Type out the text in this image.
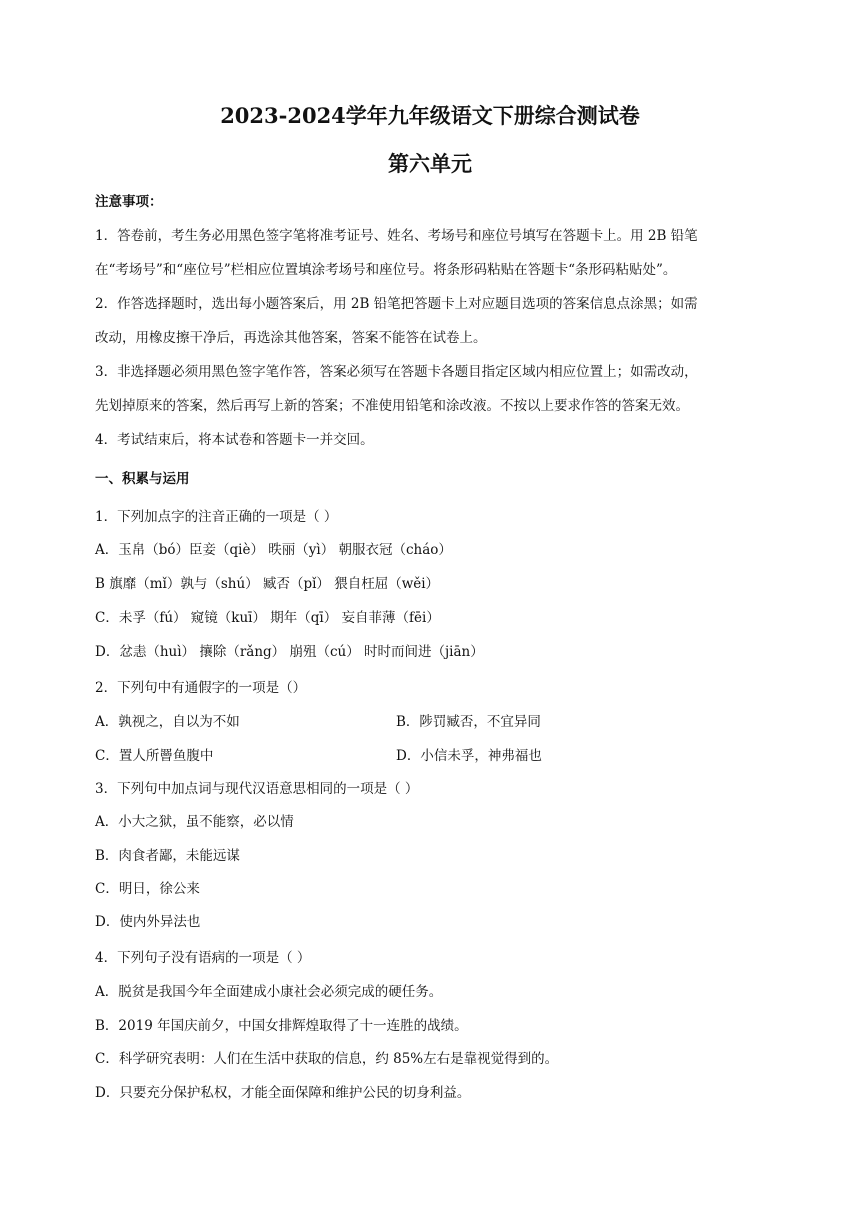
2023-2024学年九年级语文下册综合测试卷
第六单元
注意事项：
1．答卷前，考生务必用黑色签字笔将准考证号、姓名、考场号和座位号填写在答题卡上。用 2B 铅笔
在“考场号”和“座位号”栏相应位置填涂考场号和座位号。将条形码粘贴在答题卡“条形码粘贴处”。
2．作答选择题时，选出每小题答案后，用 2B 铅笔把答题卡上对应题目选项的答案信息点涂黑；如需
改动，用橡皮擦干净后，再选涂其他答案，答案不能答在试卷上。
3．非选择题必须用黑色签字笔作答，答案必须写在答题卡各题目指定区域内相应位置上；如需改动，
先划掉原来的答案，然后再写上新的答案；不准使用铅笔和涂改液。不按以上要求作答的答案无效。
4．考试结束后，将本试卷和答题卡一并交回。
一、积累与运用
1．下列加点字的注音正确的一项是（ ）
A．玉帛（bó）臣妾（qiè） 昳丽（yì） 朝服衣冠（cháo）
B 旗靡（mǐ）孰与（shú） 臧否（pǐ） 猥自枉屈（wěi）
C．未孚（fú） 窥镜（kuī） 期年（qī） 妄自菲薄（fēi）
D．忿恚（huì） 攘除（rǎng） 崩殂（cú） 时时而间进（jiān）
2．下列句中有通假字的一项是（）
A．孰视之，自以为不如	B．陟罚臧否，不宜异同
C．置人所罾鱼腹中	D．小信未孚，神弗福也
3．下列句中加点词与现代汉语意思相同的一项是（ ）
A．小大之狱，虽不能察，必以情
B．肉食者鄙，未能远谋
C．明日，徐公来
D．使内外异法也
4．下列句子没有语病的一项是（ ）
A．脱贫是我国今年全面建成小康社会必须完成的硬任务。
B．2019 年国庆前夕，中国女排辉煌取得了十一连胜的战绩。
C．科学研究表明：人们在生活中获取的信息，约 85%左右是靠视觉得到的。
D．只要充分保护私权，才能全面保障和维护公民的切身利益。
